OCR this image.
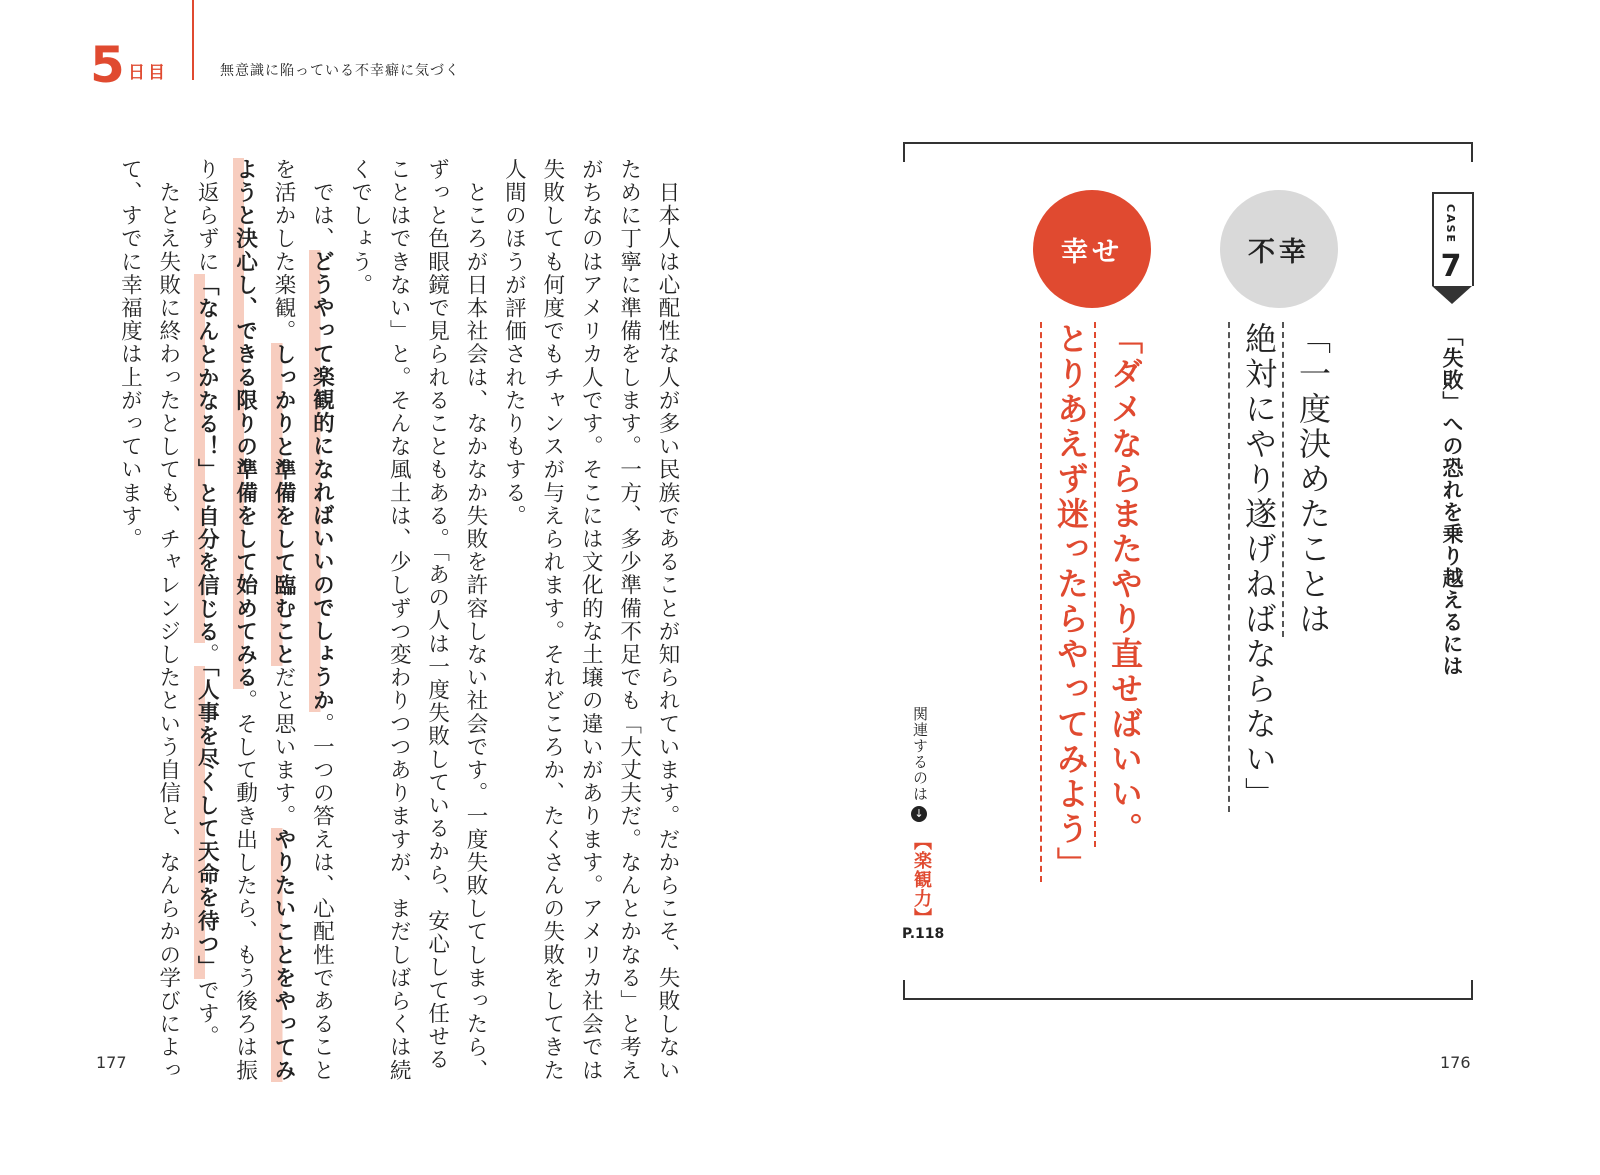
5 日目	無意識に陥っている不幸癖に気づく
　日本人は心配性な人が多い民族であることが知られています。だからこそ、失敗しない
ために丁寧に準備をします。一方、多少準備不足でも「大丈夫だ。なんとかなる」と考え
がちなのはアメリカ人です。そこには文化的な土壌の違いがあります。アメリカ社会では
失敗しても何度でもチャンスが与えられます。それどころか、たくさんの失敗をしてきた
人間のほうが評価されたりもする。
　ところが日本社会は、なかなか失敗を許容しない社会です。一度失敗してしまったら、
ずっと色眼鏡で見られることもある。「あの人は一度失敗しているから、安心して任せる
ことはできない」と。そんな風土は、少しずつ変わりつつありますが、まだしばらくは続
くでしょう。
　では、どうやって楽観的になればいいのでしょうか。一つの答えは、心配性であること
を活かした楽観。しっかりと準備をして臨むことだと思います。やりたいことをやってみ
ようと決心し、できる限りの準備をして始めてみる。そして動き出したら、もう後ろは振
り返らずに「なんとかなる！」と自分を信じる。「人事を尽くして天命を待つ」です。
　たとえ失敗に終わったとしても、チャレンジしたという自信と、なんらかの学びによっ
て、すでに幸福度は上がっています。
177
CASE
7
「失敗」への恐れを乗り越えるには
不幸
幸せ
「一度決めたことは
絶対にやり遂げねばならない」
「ダメならまたやり直せばいい。
とりあえず迷ったらやってみよう」
関連するのは
↓
【楽観力】
P.118
176
